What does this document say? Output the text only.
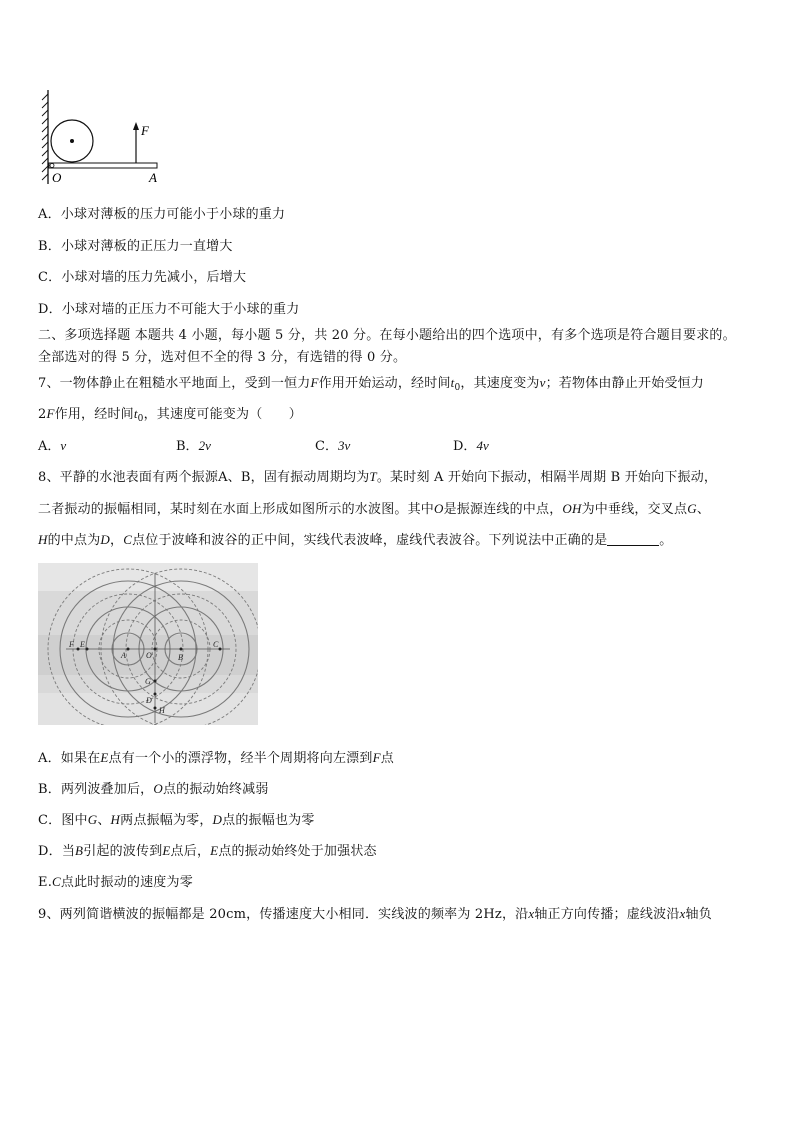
F
O	A
A．小球对薄板的压力可能小于小球的重力
B．小球对薄板的正压力一直增大
C．小球对墙的压力先减小，后增大
D．小球对墙的正压力不可能大于小球的重力
二、多项选择题 本题共 4 小题，每小题 5 分，共 20 分。在每小题给出的四个选项中，有多个选项是符合题目要求的。
全部选对的得 5 分，选对但不全的得 3 分，有选错的得 0 分。
7、一物体静止在粗糙水平地面上，受到一恒力F作用开始运动，经时间$t_0$，其速度变为v；若物体由静止开始受恒力
2F作用，经时间$t_0$，其速度可能变为（　　）
A．v	B．2v	C．3v	D．4v
8、平静的水池表面有两个振源A、B，固有振动周期均为T。某时刻 A 开始向下振动，相隔半周期 B 开始向下振动，
二者振动的振幅相同，某时刻在水面上形成如图所示的水波图。其中O是振源连线的中点，OH为中垂线，交叉点G、
H的中点为D，C点位于波峰和波谷的正中间，实线代表波峰，虚线代表波谷。下列说法中正确的是	。
F E
A	O	B
C
G
D
H
A．如果在E点有一个小的漂浮物，经半个周期将向左漂到F点
B．两列波叠加后，O点的振动始终减弱
C．图中G、H两点振幅为零，D点的振幅也为零
D．当B引起的波传到E点后，E点的振动始终处于加强状态
E.C点此时振动的速度为零
9、两列简谐横波的振幅都是 20cm，传播速度大小相同．实线波的频率为 2Hz，沿x轴正方向传播；虚线波沿x轴负
